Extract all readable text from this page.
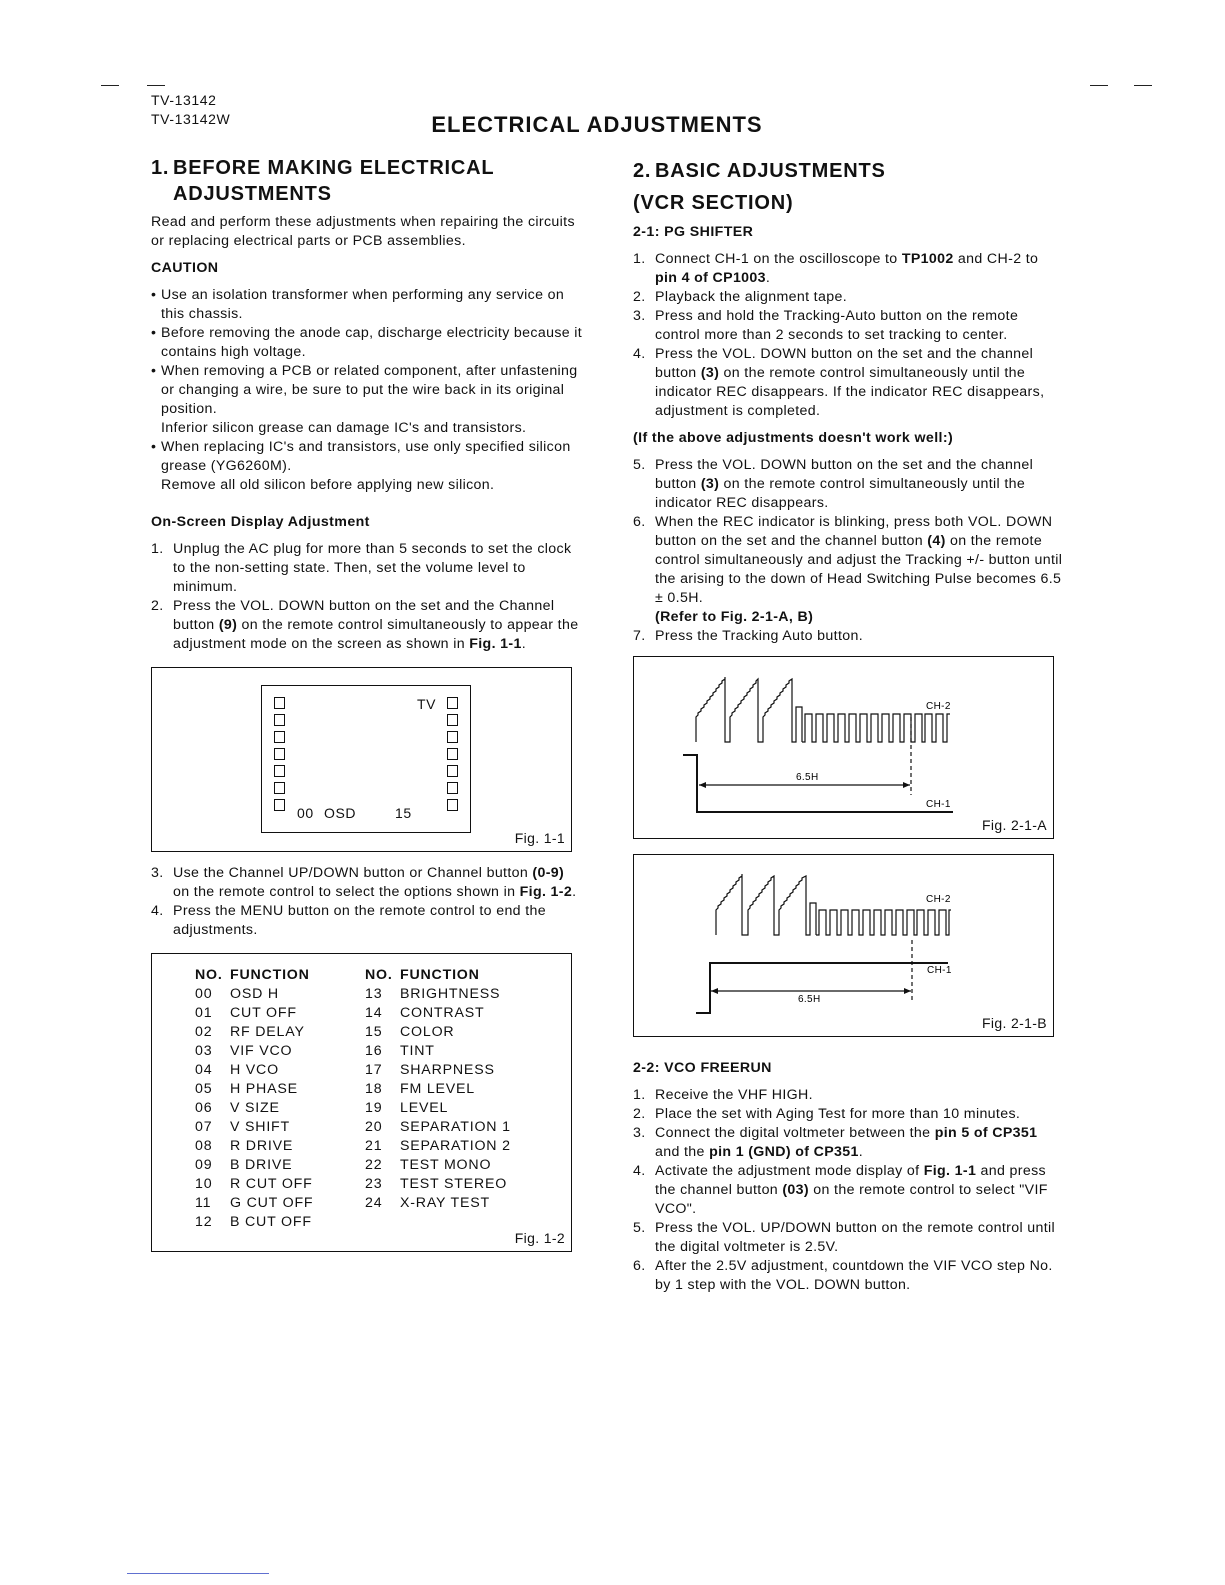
TV-13142
TV-13142W	ELECTRICAL ADJUSTMENTS
1. BEFORE MAKING ELECTRICAL
ADJUSTMENTS

Read and perform these adjustments when repairing the circuits or replacing electrical parts or PCB assemblies.

CAUTION

• Use an isolation transformer when performing any service on this chassis.
• Before removing the anode cap, discharge electricity because it contains high voltage.
• When removing a PCB or related component, after unfastening or changing a wire, be sure to put the wire back in its original position.
Inferior silicon grease can damage IC's and transistors.
• When replacing IC's and transistors, use only specified silicon grease (YG6260M).
Remove all old silicon before applying new silicon.

On-Screen Display Adjustment

1. Unplug the AC plug for more than 5 seconds to set the clock to the non-setting state. Then, set the volume level to minimum.
2. Press the VOL. DOWN button on the set and the Channel button (9) on the remote control simultaneously to appear the adjustment mode on the screen as shown in Fig. 1-1.
TV
00 OSD	15
Fig. 1-1
3. Use the Channel UP/DOWN button or Channel button (0-9) on the remote control to select the options shown in Fig. 1-2.
4. Press the MENU button on the remote control to end the adjustments.
NO. FUNCTION	NO. FUNCTION
00	OSD H	13	BRIGHTNESS
01	CUT OFF	14	CONTRAST
02	RF DELAY	15	COLOR
03	VIF VCO	16	TINT
04	H VCO	17	SHARPNESS
05	H PHASE	18	FM LEVEL
06	V SIZE	19	LEVEL
07	V SHIFT	20	SEPARATION 1
08	R DRIVE	21	SEPARATION 2
09	B DRIVE	22	TEST MONO
10	R CUT OFF	23	TEST STEREO
11	G CUT OFF	24	X-RAY TEST
12	B CUT OFF
Fig. 1-2
2. BASIC ADJUSTMENTS
(VCR SECTION)

2-1: PG SHIFTER

1. Connect CH-1 on the oscilloscope to TP1002 and CH-2 to pin 4 of CP1003.
2. Playback the alignment tape.
3. Press and hold the Tracking-Auto button on the remote control more than 2 seconds to set tracking to center.
4. Press the VOL. DOWN button on the set and the channel button (3) on the remote control simultaneously until the indicator REC disappears. If the indicator REC disappears, adjustment is completed.

(If the above adjustments doesn't work well:)

5. Press the VOL. DOWN button on the set and the channel button (3) on the remote control simultaneously until the indicator REC disappears.
6. When the REC indicator is blinking, press both VOL. DOWN button on the set and the channel button (4) on the remote control simultaneously and adjust the Tracking +/- button until the arising to the down of Head Switching Pulse becomes 6.5 ± 0.5H.
(Refer to Fig. 2-1-A, B)
7. Press the Tracking Auto button.
6.5H
CH-2
CH-1
Fig. 2-1-A
6.5H
CH-2
CH-1
Fig. 2-1-B

2-2: VCO FREERUN

1. Receive the VHF HIGH.
2. Place the set with Aging Test for more than 10 minutes.
3. Connect the digital voltmeter between the pin 5 of CP351 and the pin 1 (GND) of CP351.
4. Activate the adjustment mode display of Fig. 1-1 and press the channel button (03) on the remote control to select "VIF VCO".
5. Press the VOL. UP/DOWN button on the remote control until the digital voltmeter is 2.5V.
6. After the 2.5V adjustment, countdown the VIF VCO step No. by 1 step with the VOL. DOWN button.
